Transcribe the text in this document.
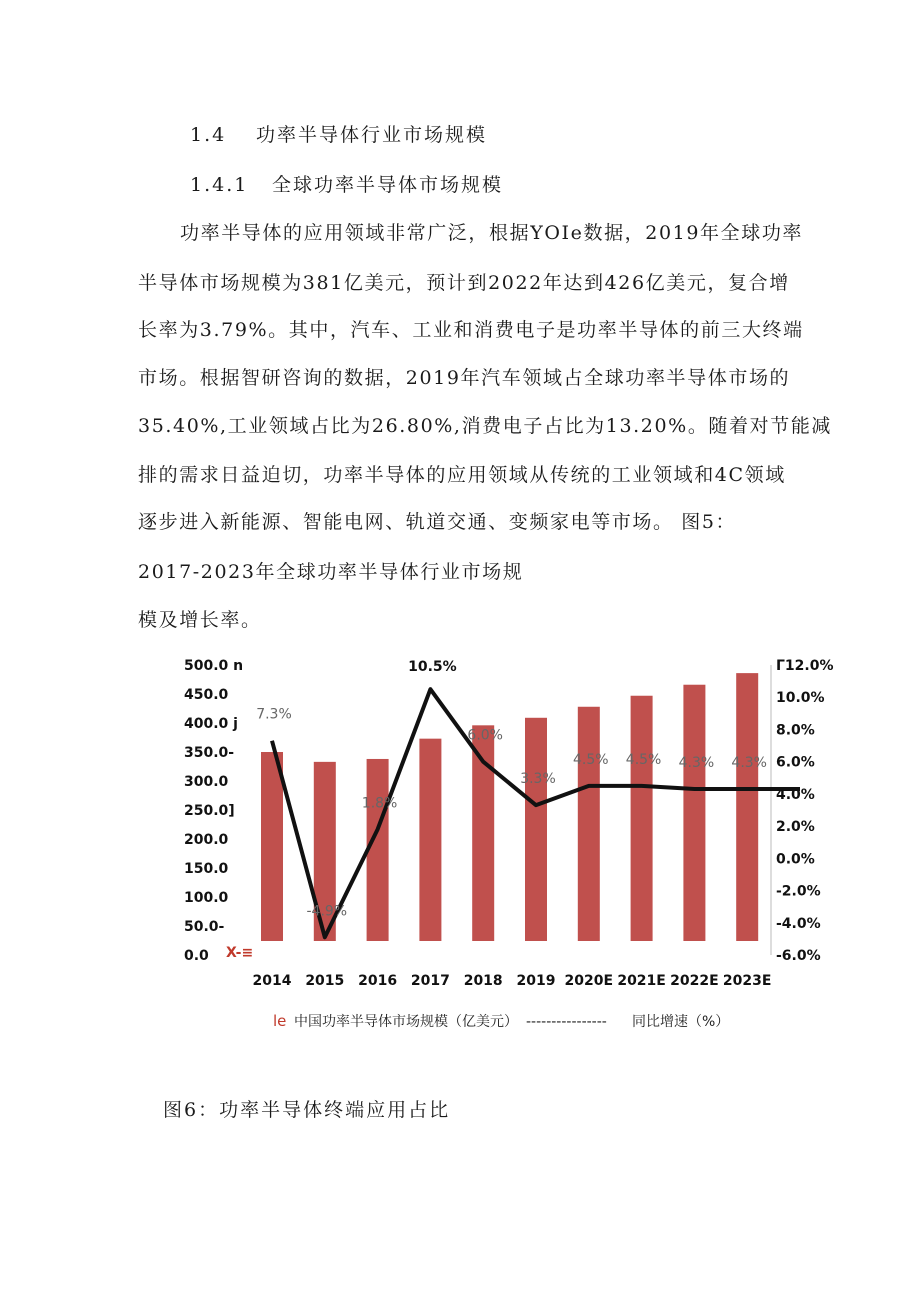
1.4 功率半导体行业市场规模
1.4.1 全球功率半导体市场规模
功率半导体的应用领域非常广泛，根据YOIe数据，2019年全球功率
半导体市场规模为381亿美元，预计到2022年达到426亿美元，复合增
长率为3.79%。其中，汽车、工业和消费电子是功率半导体的前三大终端
市场。根据智研咨询的数据，2019年汽车领域占全球功率半导体市场的
35.40%,工业领域占比为26.80%,消费电子占比为13.20%。随着对节能减
排的需求日益迫切，功率半导体的应用领域从传统的工业领域和4C领域
逐步进入新能源、智能电网、轨道交通、变频家电等市场。 图5：
2017-2023年全球功率半导体行业市场规
模及增长率。
500.0 n
450.0
400.0 j
350.0-
300.0
250.0]
200.0
150.0
100.0
50.0-
0.0
Γ12.0%
10.0%
8.0%
6.0%
4.0%
2.0%
0.0%
-2.0%
-4.0%
-6.0%
X-≡
7.3%
-4.9%
1.8%
10.5%
6.0%
3.3%
4.5% 4.5% 4.3% 4.3%
2014 2015 2016 2017 2018 2019 2020E 2021E 2022E 2023E
le 中国功率半导体市场规模（亿美元） ---------------- 同比增速（%）
图6：功率半导体终端应用占比
